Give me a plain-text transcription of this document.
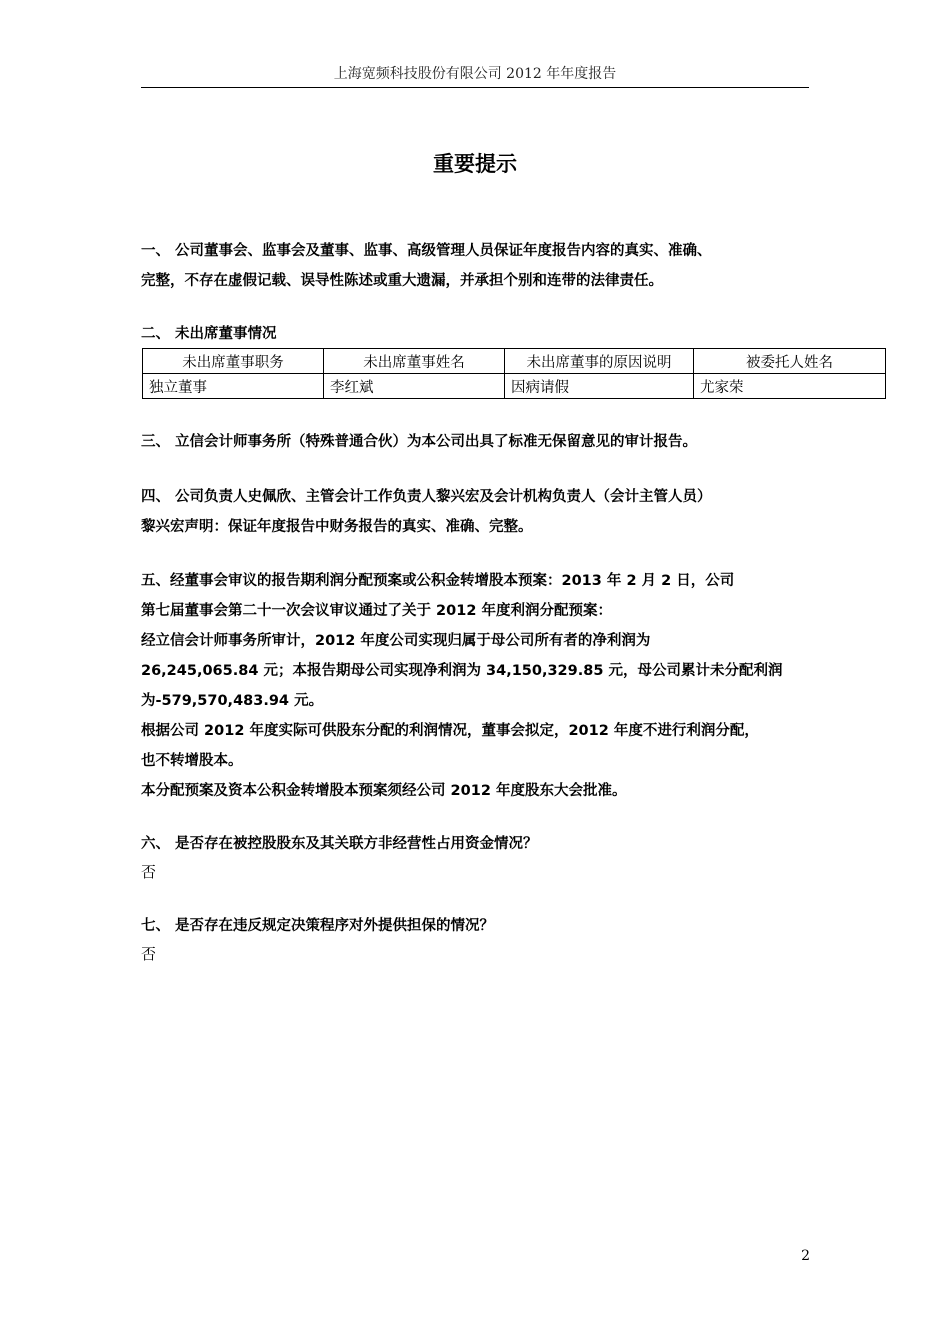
上海宽频科技股份有限公司 2012 年年度报告
重要提示
一、 公司董事会、监事会及董事、监事、高级管理人员保证年度报告内容的真实、准确、
完整，不存在虚假记载、误导性陈述或重大遗漏，并承担个别和连带的法律责任。
二、 未出席董事情况
未出席董事职务	未出席董事姓名	未出席董事的原因说明	被委托人姓名
独立董事	李红斌	因病请假	尤家荣
三、 立信会计师事务所（特殊普通合伙）为本公司出具了标准无保留意见的审计报告。
四、 公司负责人史佩欣、主管会计工作负责人黎兴宏及会计机构负责人（会计主管人员）
黎兴宏声明：保证年度报告中财务报告的真实、准确、完整。
五、经董事会审议的报告期利润分配预案或公积金转增股本预案：2013 年 2 月 2 日，公司
第七届董事会第二十一次会议审议通过了关于 2012 年度利润分配预案：
经立信会计师事务所审计，2012 年度公司实现归属于母公司所有者的净利润为
26,245,065.84 元；本报告期母公司实现净利润为 34,150,329.85 元，母公司累计未分配利润
为-579,570,483.94 元。
根据公司 2012 年度实际可供股东分配的利润情况，董事会拟定，2012 年度不进行利润分配，
也不转增股本。
本分配预案及资本公积金转增股本预案须经公司 2012 年度股东大会批准。
六、 是否存在被控股股东及其关联方非经营性占用资金情况？
否
七、 是否存在违反规定决策程序对外提供担保的情况？
否
2
